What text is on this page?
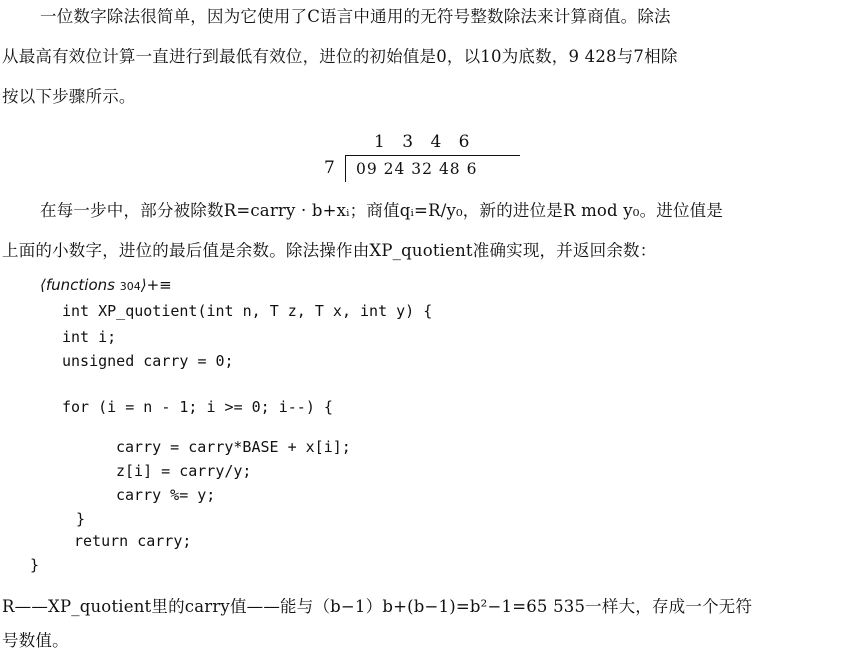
一位数字除法很简单，因为它使用了C语言中通用的无符号整数除法来计算商值。除法
从最高有效位计算一直进行到最低有效位，进位的初始值是0，以10为底数，9 428与7相除
按以下步骤所示。
1 3 4 6
7 09 24 32 48 6
在每一步中，部分被除数R=carry · b+xᵢ；商值qᵢ=R/y₀，新的进位是R mod y₀。进位值是
上面的小数字，进位的最后值是余数。除法操作由XP_quotient准确实现，并返回余数：
⟨functions 304⟩+≡
int XP_quotient(int n, T z, T x, int y) {
int i;
unsigned carry = 0;
for (i = n - 1; i >= 0; i--) {
carry = carry*BASE + x[i];
z[i] = carry/y;
carry %= y;
}
return carry;
}
R——XP_quotient里的carry值——能与（b−1）b+(b−1)=b²−1=65 535一样大，存成一个无符
号数值。
